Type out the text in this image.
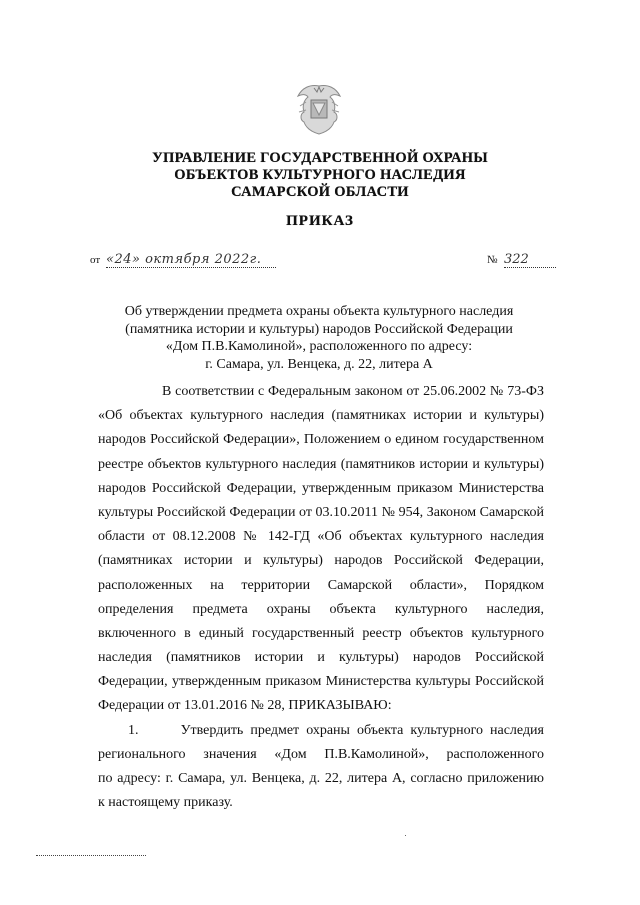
УПРАВЛЕНИЕ ГОСУДАРСТВЕННОЙ ОХРАНЫ
ОБЪЕКТОВ КУЛЬТУРНОГО НАСЛЕДИЯ
САМАРСКОЙ ОБЛАСТИ
ПРИКАЗ
от «24» октября 2022г.	№ 322
Об утверждении предмета охраны объекта культурного наследия
(памятника истории и культуры) народов Российской Федерации
«Дом П.В.Камолиной», расположенного по адресу:
г. Самара, ул. Венцека, д. 22, литера А
В соответствии с Федеральным законом от 25.06.2002 № 73-ФЗ
«Об объектах культурного наследия (памятниках истории и культуры)
народов Российской Федерации», Положением о едином государственном
реестре объектов культурного наследия (памятников истории и культуры)
народов Российской Федерации, утвержденным приказом Министерства
культуры Российской Федерации от 03.10.2011 № 954, Законом Самарской
области от 08.12.2008 № 142-ГД «Об объектах культурного наследия
(памятниках истории и культуры) народов Российской Федерации,
расположенных на территории Самарской области», Порядком
определения предмета охраны объекта культурного наследия,
включенного в единый государственный реестр объектов культурного
наследия (памятников истории и культуры) народов Российской
Федерации, утвержденным приказом Министерства культуры Российской
Федерации от 13.01.2016 № 28, ПРИКАЗЫВАЮ:
1.      Утвердить предмет охраны объекта культурного наследия
регионального значения «Дом П.В.Камолиной», расположенного
по адресу: г. Самара, ул. Венцека, д. 22, литера А, согласно приложению
к настоящему приказу.
